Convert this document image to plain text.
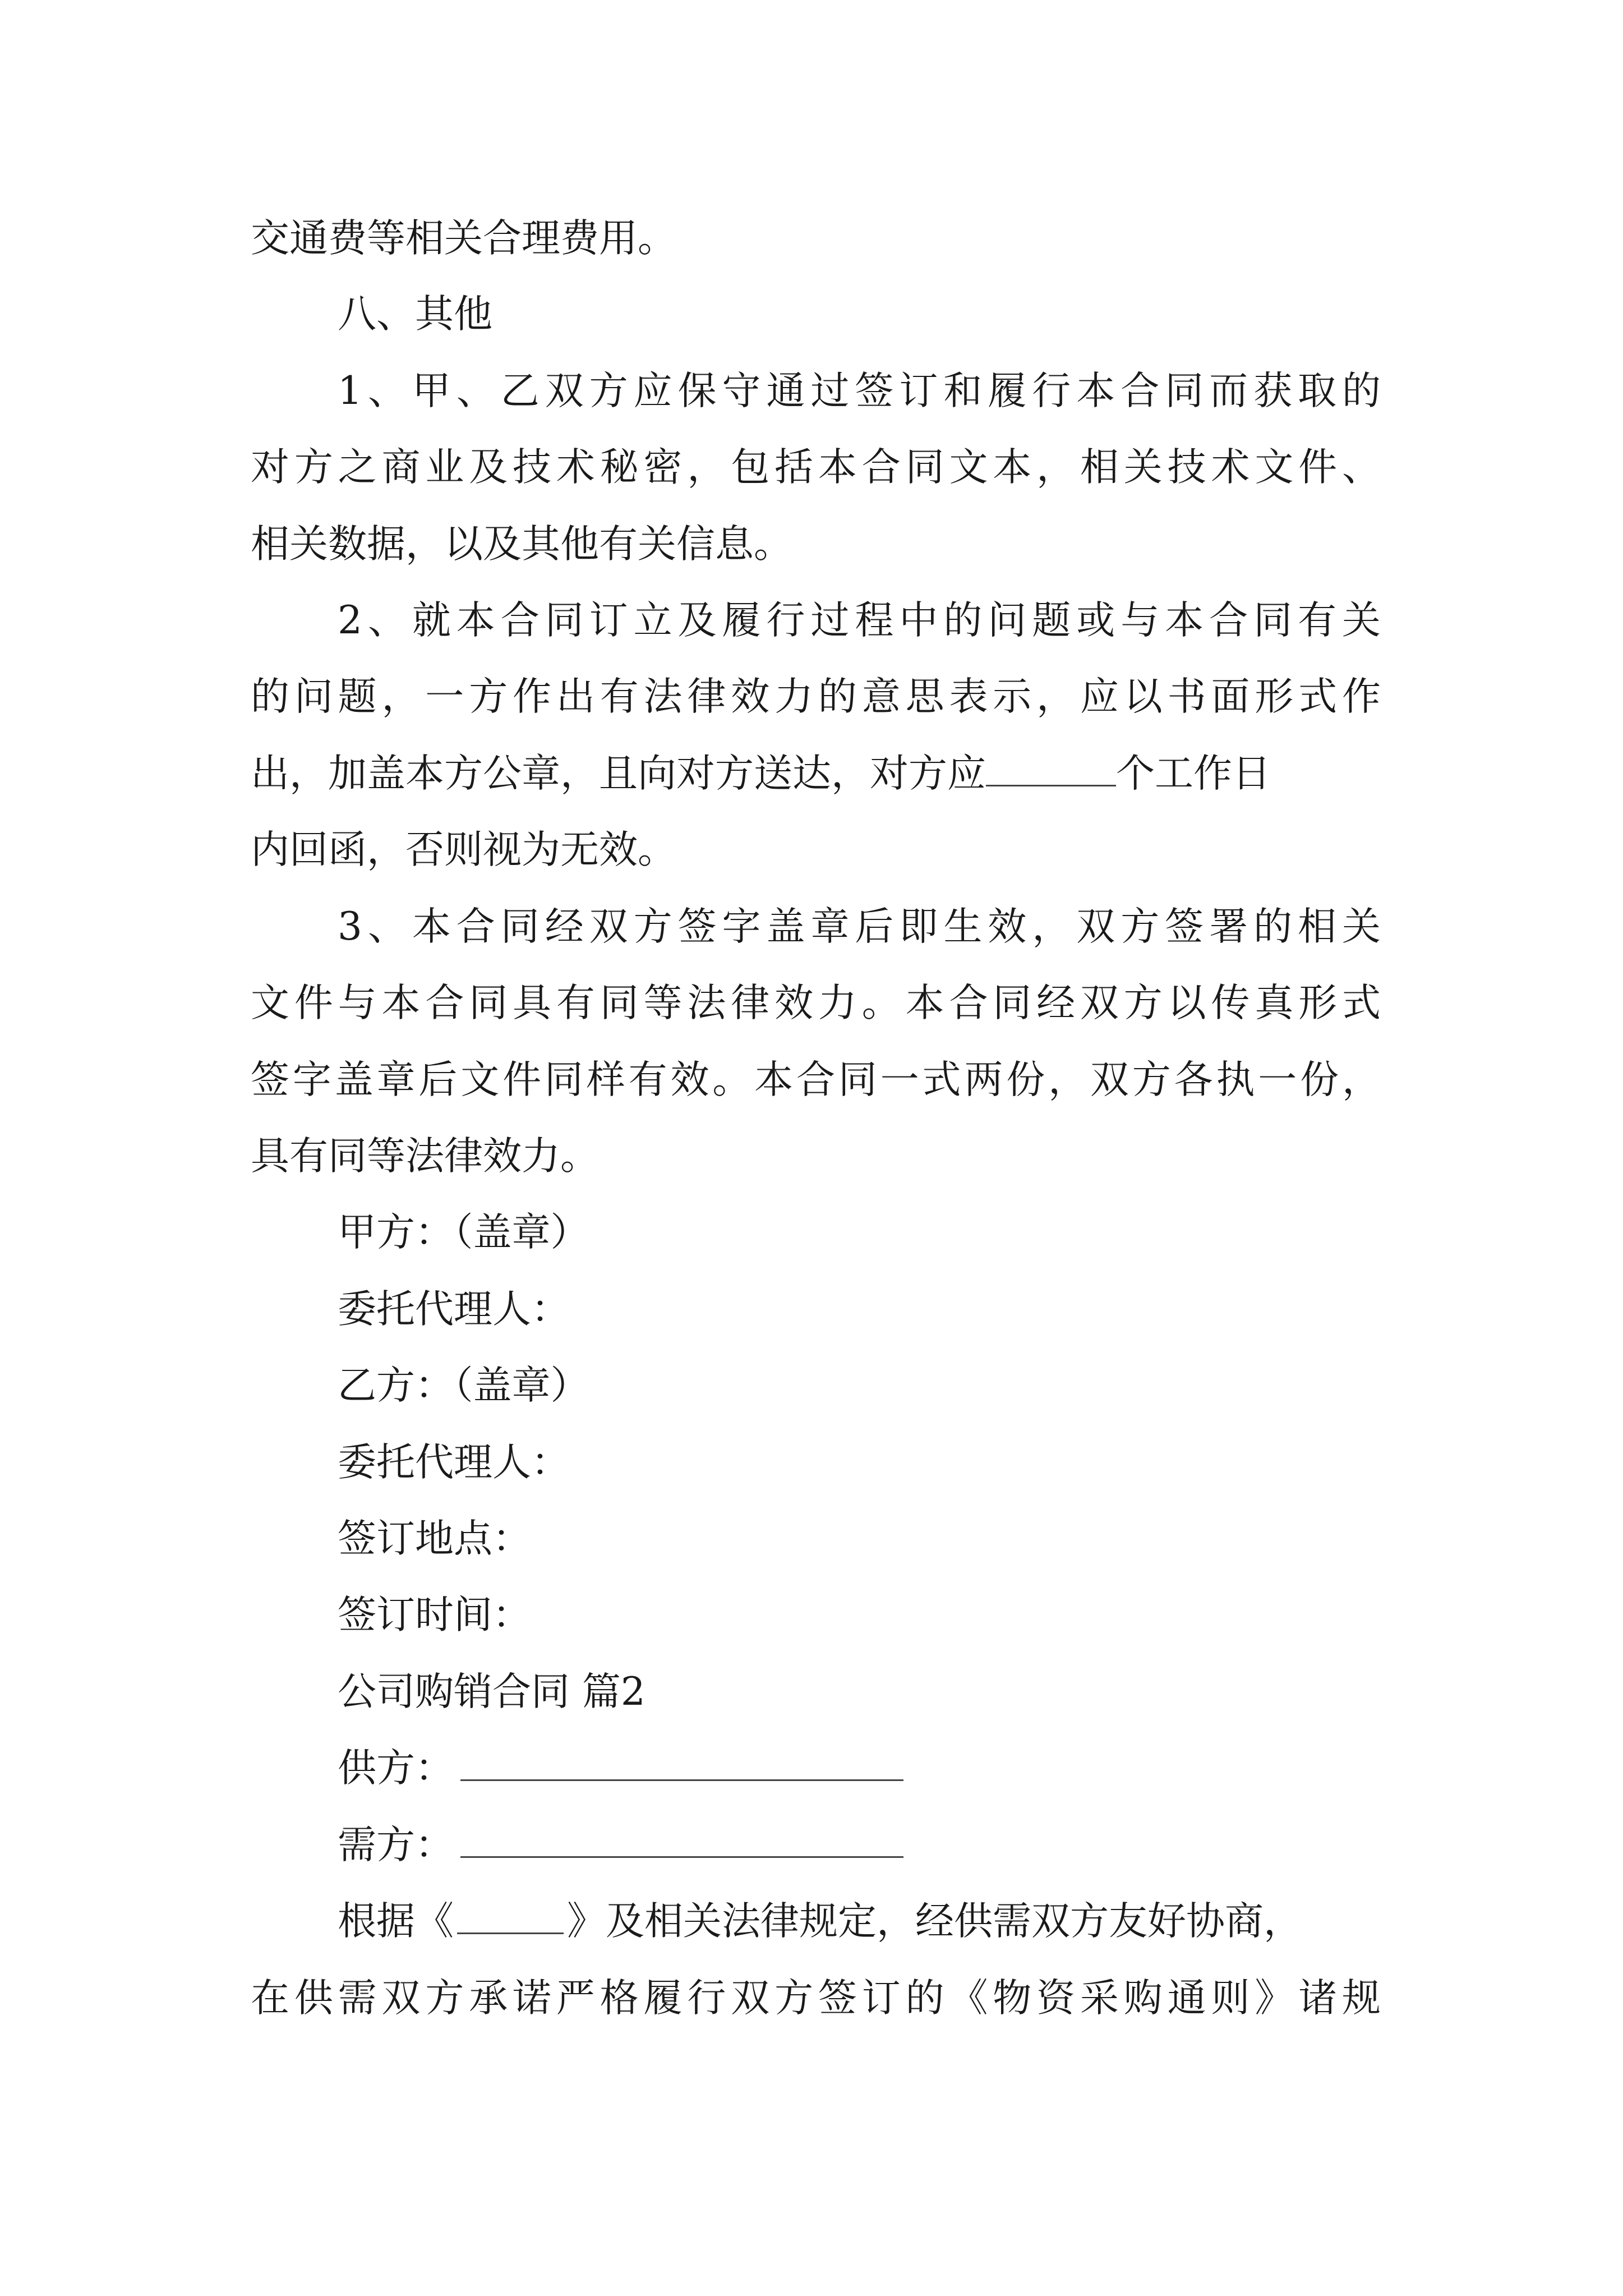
交通费等相关合理费用。
八、其他
1、甲、乙双方应保守通过签订和履行本合同而获取的
对方之商业及技术秘密，包括本合同文本，相关技术文件、
相关数据，以及其他有关信息。
2、就本合同订立及履行过程中的问题或与本合同有关
的问题，一方作出有法律效力的意思表示，应以书面形式作
出，加盖本方公章，且向对方送达，对方应	个工作日
内回函，否则视为无效。
3、本合同经双方签字盖章后即生效，双方签署的相关
文件与本合同具有同等法律效力。本合同经双方以传真形式
签字盖章后文件同样有效。本合同一式两份，双方各执一份，
具有同等法律效力。
甲方：（盖章）
委托代理人：
乙方：（盖章）
委托代理人：
签订地点：
签订时间：
公司购销合同 篇2
供方：
需方：
根据《	》及相关法律规定，经供需双方友好协商，
在供需双方承诺严格履行双方签订的《物资采购通则》诸规
